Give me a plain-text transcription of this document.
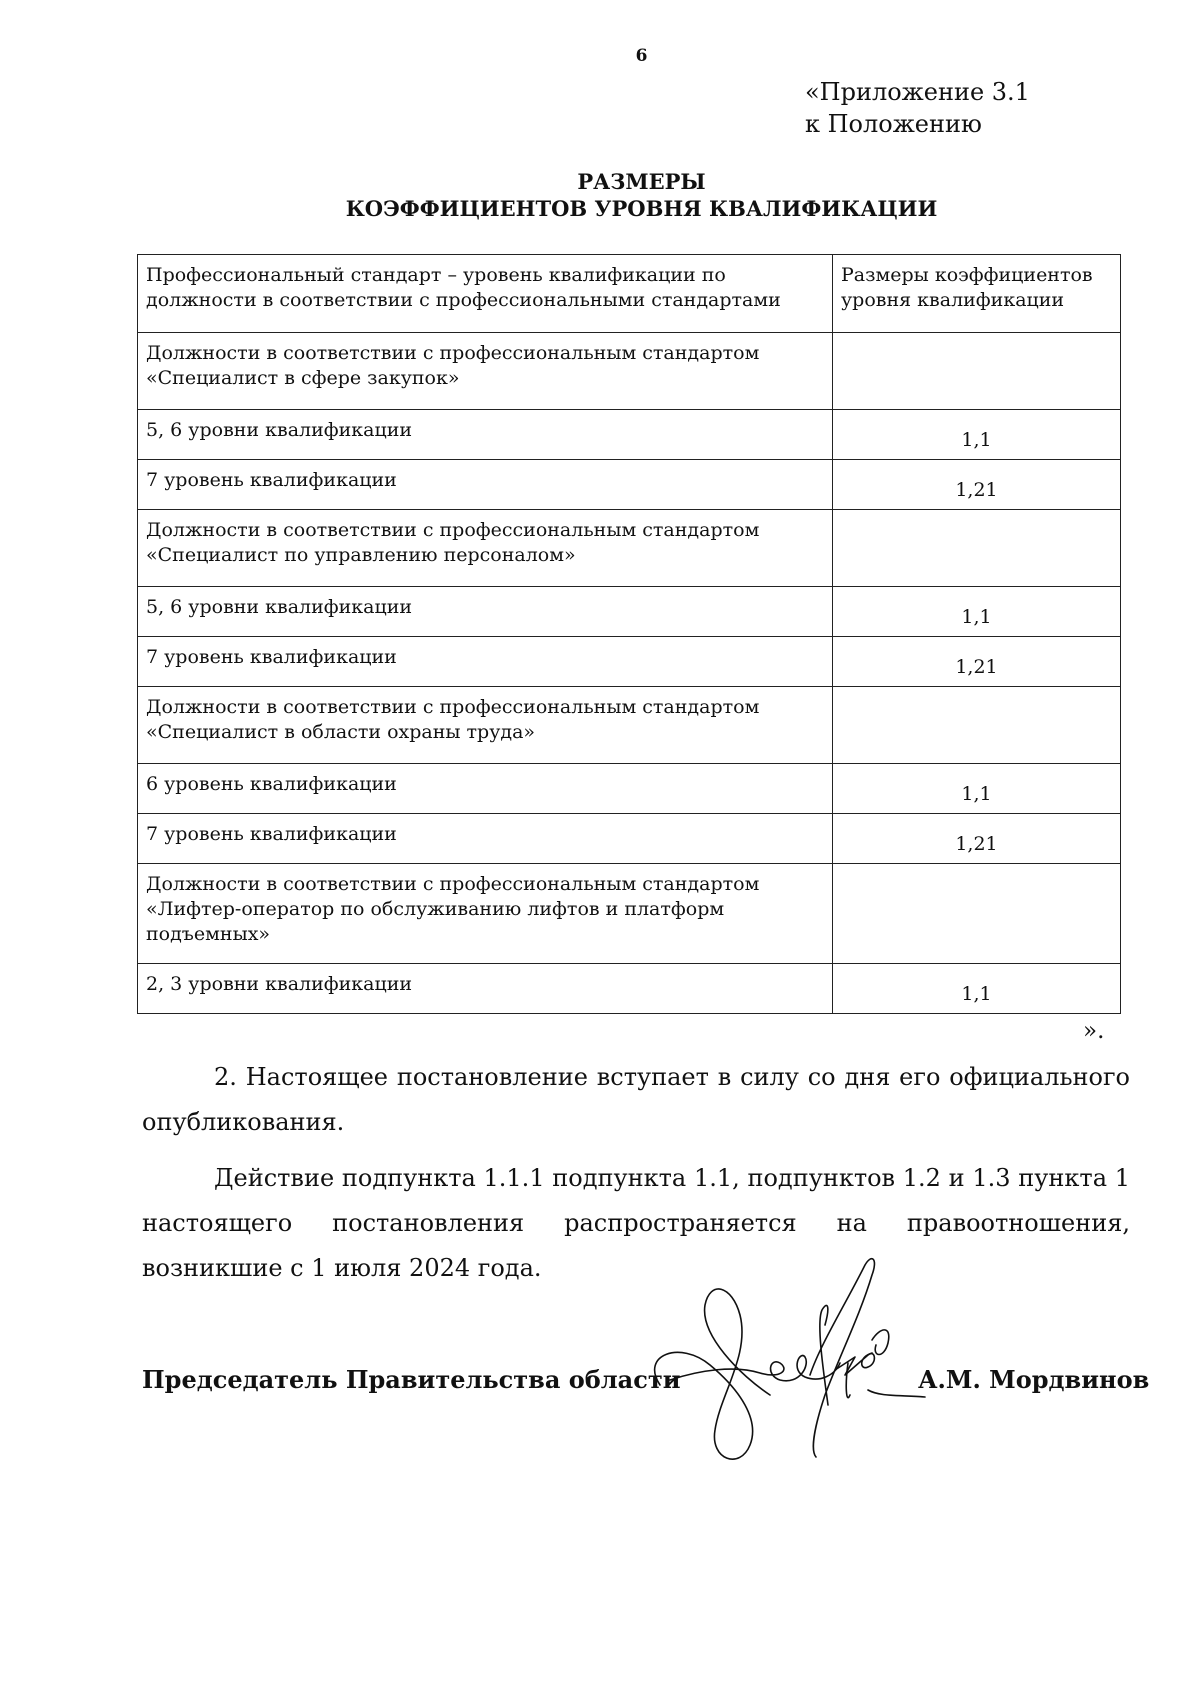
6
«Приложение 3.1
к Положению
РАЗМЕРЫ
КОЭФФИЦИЕНТОВ УРОВНЯ КВАЛИФИКАЦИИ
Профессиональный стандарт – уровень квалификации по должности в соответствии с профессиональными стандартами	Размеры коэффициентов уровня квалификации
Должности в соответствии с профессиональным стандартом «Специалист в сфере закупок»	
5, 6 уровни квалификации	1,1
7 уровень квалификации	1,21
Должности в соответствии с профессиональным стандартом «Специалист по управлению персоналом»	
5, 6 уровни квалификации	1,1
7 уровень квалификации	1,21
Должности в соответствии с профессиональным стандартом «Специалист в области охраны труда»	
6 уровень квалификации	1,1
7 уровень квалификации	1,21
Должности в соответствии с профессиональным стандартом «Лифтер-оператор по обслуживанию лифтов и платформ подъемных»	
2, 3 уровни квалификации	1,1
».

2. Настоящее постановление вступает в силу со дня его официального опубликования.

Действие подпункта 1.1.1 подпункта 1.1, подпунктов 1.2 и 1.3 пункта 1 настоящего постановления распространяется на правоотношения, возникшие с 1 июля 2024 года.

Председатель Правительства области	А.М. Мордвинов
